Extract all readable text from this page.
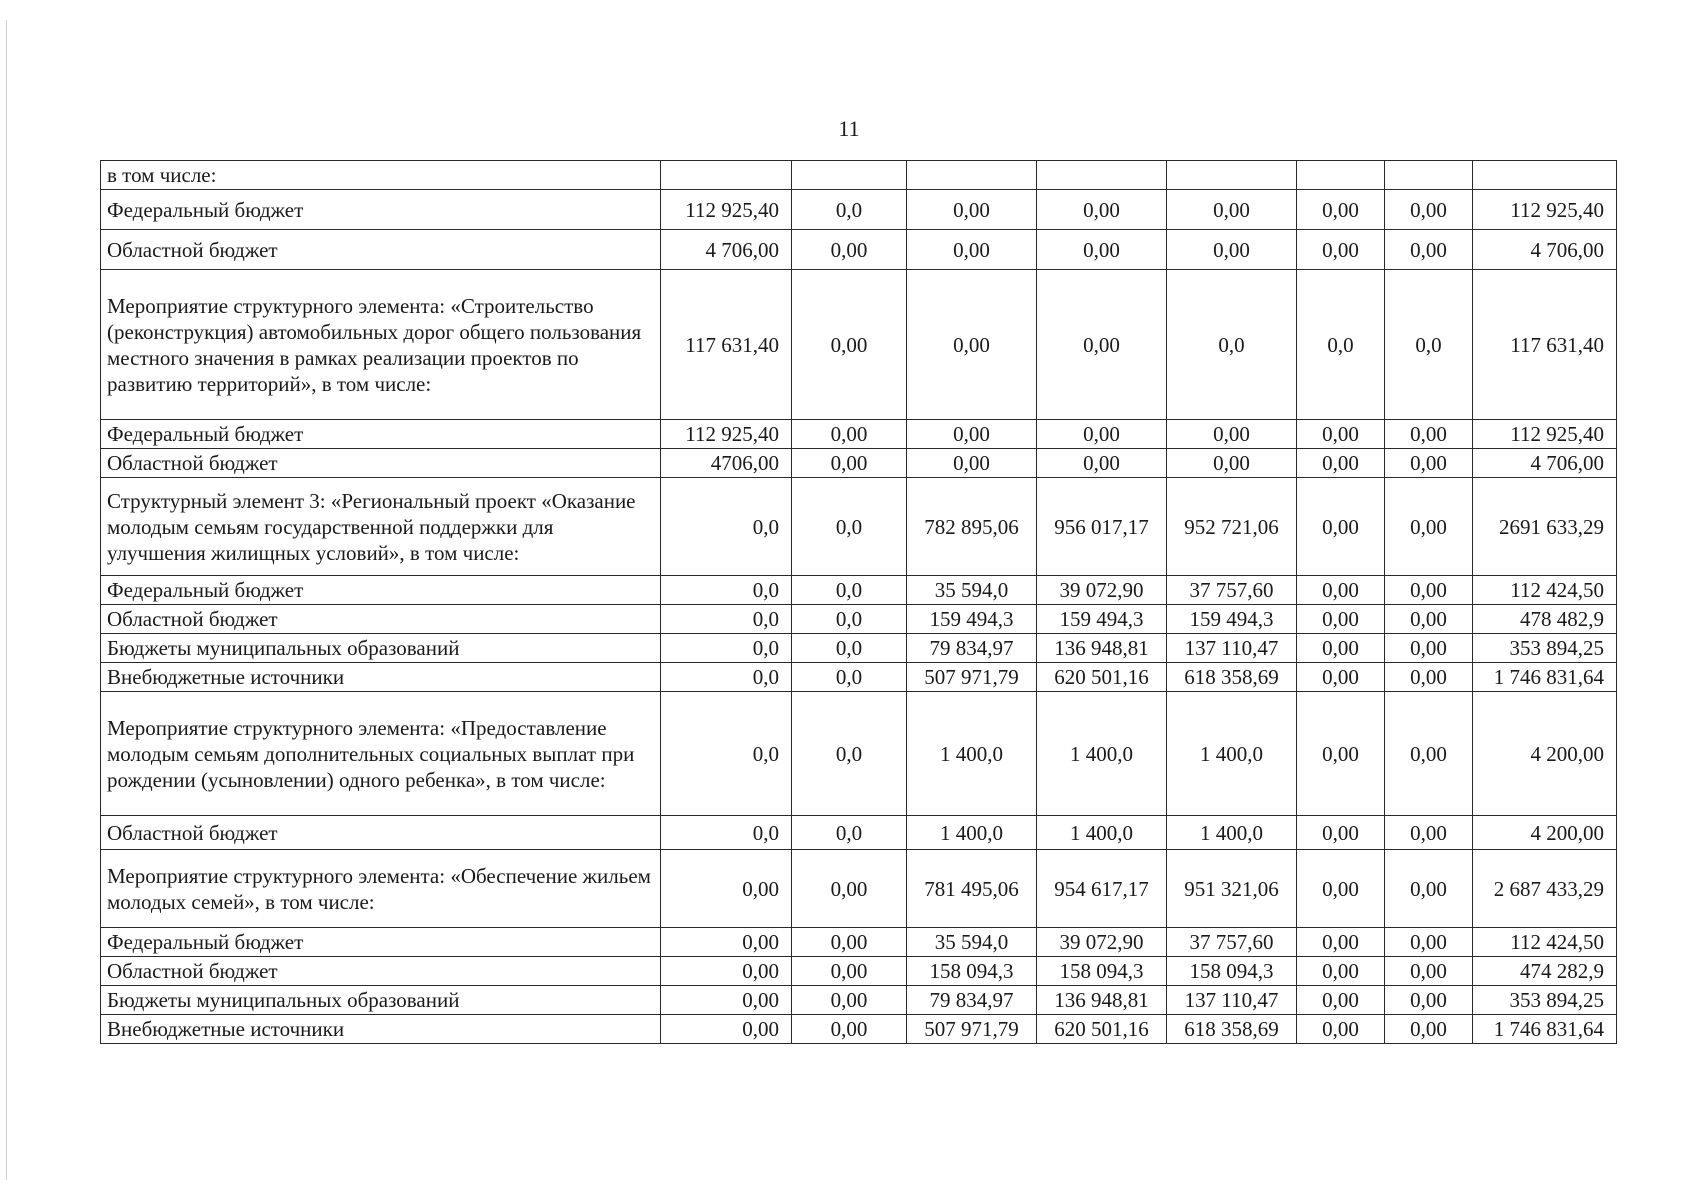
11
в том числе:								
Федеральный бюджет	112 925,40	0,0	0,00	0,00	0,00	0,00	0,00	112 925,40
Областной бюджет	4 706,00	0,00	0,00	0,00	0,00	0,00	0,00	4 706,00
Мероприятие структурного элемента: «Строительство (реконструкция) автомобильных дорог общего пользования местного значения в рамках реализации проектов по развитию территорий», в том числе:	117 631,40	0,00	0,00	0,00	0,0	0,0	0,0	117 631,40
Федеральный бюджет	112 925,40	0,00	0,00	0,00	0,00	0,00	0,00	112 925,40
Областной бюджет	4706,00	0,00	0,00	0,00	0,00	0,00	0,00	4 706,00
Структурный элемент 3: «Региональный проект «Оказание молодым семьям государственной поддержки для улучшения жилищных условий», в том числе:	0,0	0,0	782 895,06	956 017,17	952 721,06	0,00	0,00	2691 633,29
Федеральный бюджет	0,0	0,0	35 594,0	39 072,90	37 757,60	0,00	0,00	112 424,50
Областной бюджет	0,0	0,0	159 494,3	159 494,3	159 494,3	0,00	0,00	478 482,9
Бюджеты муниципальных образований	0,0	0,0	79 834,97	136 948,81	137 110,47	0,00	0,00	353 894,25
Внебюджетные источники	0,0	0,0	507 971,79	620 501,16	618 358,69	0,00	0,00	1 746 831,64
Мероприятие структурного элемента: «Предоставление молодым семьям дополнительных социальных выплат при рождении (усыновлении) одного ребенка», в том числе:	0,0	0,0	1 400,0	1 400,0	1 400,0	0,00	0,00	4 200,00
Областной бюджет	0,0	0,0	1 400,0	1 400,0	1 400,0	0,00	0,00	4 200,00
Мероприятие структурного элемента: «Обеспечение жильем молодых семей», в том числе:	0,00	0,00	781 495,06	954 617,17	951 321,06	0,00	0,00	2 687 433,29
Федеральный бюджет	0,00	0,00	35 594,0	39 072,90	37 757,60	0,00	0,00	112 424,50
Областной бюджет	0,00	0,00	158 094,3	158 094,3	158 094,3	0,00	0,00	474 282,9
Бюджеты муниципальных образований	0,00	0,00	79 834,97	136 948,81	137 110,47	0,00	0,00	353 894,25
Внебюджетные источники	0,00	0,00	507 971,79	620 501,16	618 358,69	0,00	0,00	1 746 831,64
